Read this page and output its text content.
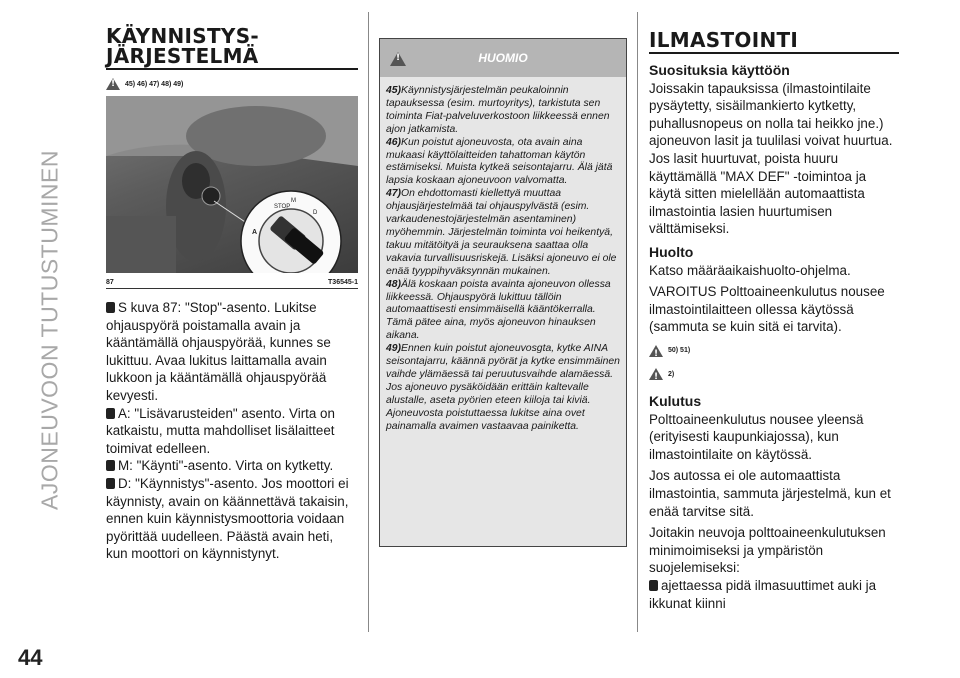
AJONEUVOON TUTUSTUMINEN
44
KÄYNNISTYS-
JÄRJESTELMÄ
!
45) 46) 47) 48) 49)
STOP
A
M
D
87	T36545-1

S kuva 87: "Stop"-asento. Lukitse ohjauspyörä poistamalla avain ja kääntämällä ohjauspyörää, kunnes se lukittuu. Avaa lukitus laittamalla avain lukkoon ja kääntämällä ohjauspyörää kevyesti.

A: "Lisävarusteiden" asento. Virta on katkaistu, mutta mahdolliset lisälaitteet toimivat edelleen.

M: "Käynti"-asento. Virta on kytketty.

D: "Käynnistys"-asento. Jos moottori ei käynnisty, avain on käännettävä takaisin, ennen kuin käynnistysmoottoria voidaan pyörittää uudelleen. Päästä avain heti, kun moottori on käynnistynyt.

!
HUOMIO

45)Käynnistysjärjestelmän peukaloinnin tapauksessa (esim. murtoyritys), tarkistuta sen toiminta Fiat-palveluverkostoon liikkeessä ennen ajon jatkamista.

46)Kun poistut ajoneuvosta, ota avain aina mukaasi käyttölaitteiden tahattoman käytön estämiseksi. Muista kytkeä seisontajarru. Älä jätä lapsia koskaan ajoneuvoon valvomatta.

47)On ehdottomasti kiellettyä muuttaa ohjausjärjestelmää tai ohjauspylvästä (esim. varkaudenestojärjestelmän asentaminen) myöhemmin. Järjestelmän toiminta voi heikentyä, takuu mitätöityä ja seurauksena saattaa olla vakavia turvallisuusriskejä. Lisäksi ajoneuvo ei ole enää tyyppihyväksynnän mukainen.

48)Älä koskaan poista avainta ajoneuvon ollessa liikkeessä. Ohjauspyörä lukittuu tällöin automaattisesti ensimmäisellä kääntökerralla. Tämä pätee aina, myös ajoneuvon hinauksen aikana.

49)Ennen kuin poistut ajoneuvosgta, kytke AINA seisontajarru, käännä pyörät ja kytke ensimmäinen vaihde ylämäessä tai peruutusvaihde alamäessä. Jos ajoneuvo pysäköidään erittäin kaltevalle alustalle, aseta pyörien eteen kiiloja tai kiviä. Ajoneuvosta poistuttaessa lukitse aina ovet painamalla avaimen vastaavaa painiketta.

ILMASTOINTI

Suosituksia käyttöön

Joissakin tapauksissa (ilmastointilaite pysäytetty, sisäilmankierto kytketty, puhallusnopeus on nolla tai heikko jne.) ajoneuvon lasit ja tuulilasi voivat huurtua. Jos lasit huurtuvat, poista huuru käyttämällä "MAX DEF" -toimintoa ja käytä sitten mielellään automaattista ilmastointia lasien huurtumisen välttämiseksi.

Huolto

Katso määräaikaishuolto-ohjelma.

VAROITUS Polttoaineenkulutus nousee ilmastointilaitteen ollessa käytössä (sammuta se kuin sitä ei tarvita).

!
50) 51)
!
2)

Kulutus

Polttoaineenkulutus nousee yleensä (erityisesti kaupunkiajossa), kun ilmastointilaite on käytössä.

Jos autossa ei ole automaattista ilmastointia, sammuta järjestelmä, kun et enää tarvitse sitä.

Joitakin neuvoja polttoaineenkulutuksen minimoimiseksi ja ympäristön suojelemiseksi:

ajettaessa pidä ilmasuuttimet auki ja ikkunat kiinni
